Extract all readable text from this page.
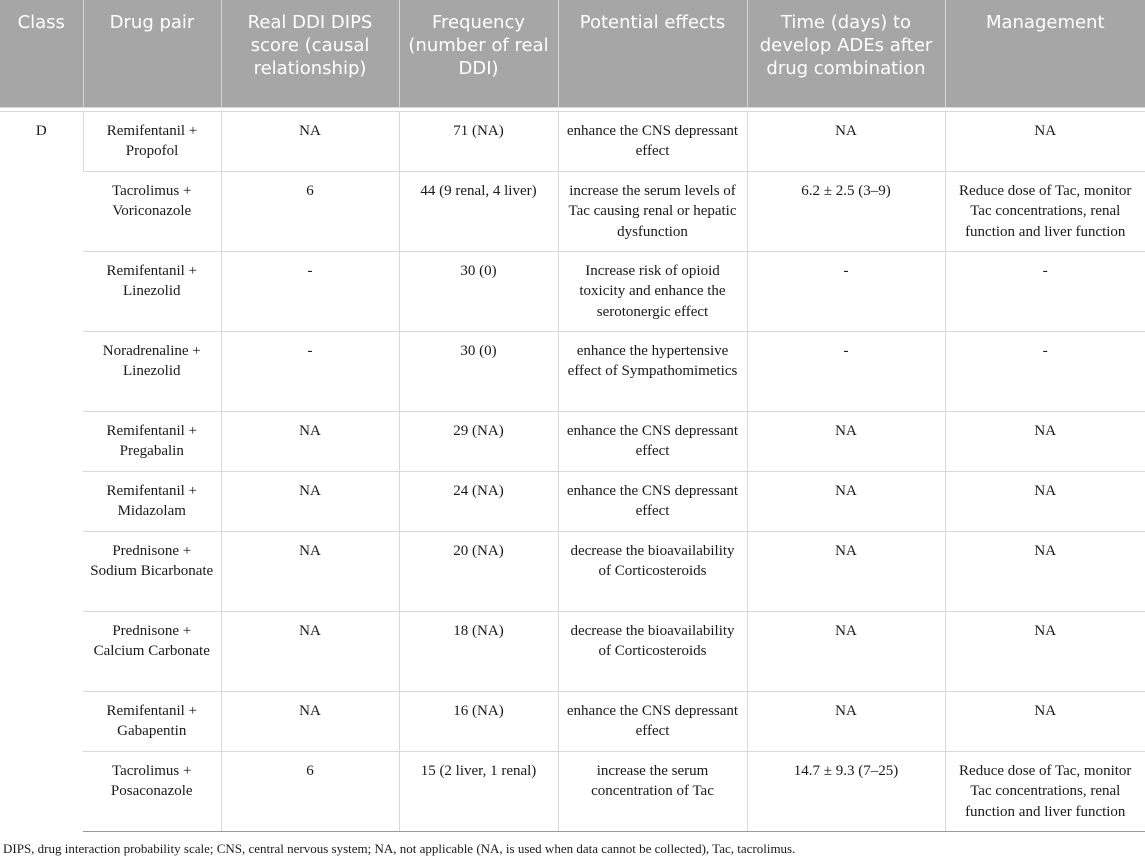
Class	Drug pair	Real DDI DIPS score (causal relationship)	Frequency (number of real DDI)	Potential effects	Time (days) to develop ADEs after drug combination	Management

D	Remifentanil + Propofol	NA	71 (NA)	enhance the CNS depressant effect	NA	NA
	Tacrolimus + Voriconazole	6	44 (9 renal, 4 liver)	increase the serum levels of Tac causing renal or hepatic dysfunction	6.2 ± 2.5 (3–9)	Reduce dose of Tac, monitor Tac concentrations, renal function and liver function
	Remifentanil + Linezolid	-	30 (0)	Increase risk of opioid toxicity and enhance the serotonergic effect	-	-
	Noradrenaline + Linezolid	-	30 (0)	enhance the hypertensive effect of Sympathomimetics	-	-
	Remifentanil + Pregabalin	NA	29 (NA)	enhance the CNS depressant effect	NA	NA
	Remifentanil + Midazolam	NA	24 (NA)	enhance the CNS depressant effect	NA	NA
	Prednisone + Sodium Bicarbonate	NA	20 (NA)	decrease the bioavailability of Corticosteroids	NA	NA
	Prednisone + Calcium Carbonate	NA	18 (NA)	decrease the bioavailability of Corticosteroids	NA	NA
	Remifentanil + Gabapentin	NA	16 (NA)	enhance the CNS depressant effect	NA	NA
	Tacrolimus + Posaconazole	6	15 (2 liver, 1 renal)	increase the serum concentration of Tac	14.7 ± 9.3 (7–25)	Reduce dose of Tac, monitor Tac concentrations, renal function and liver function
DIPS, drug interaction probability scale; CNS, central nervous system; NA, not applicable (NA, is used when data cannot be collected), Tac, tacrolimus.
